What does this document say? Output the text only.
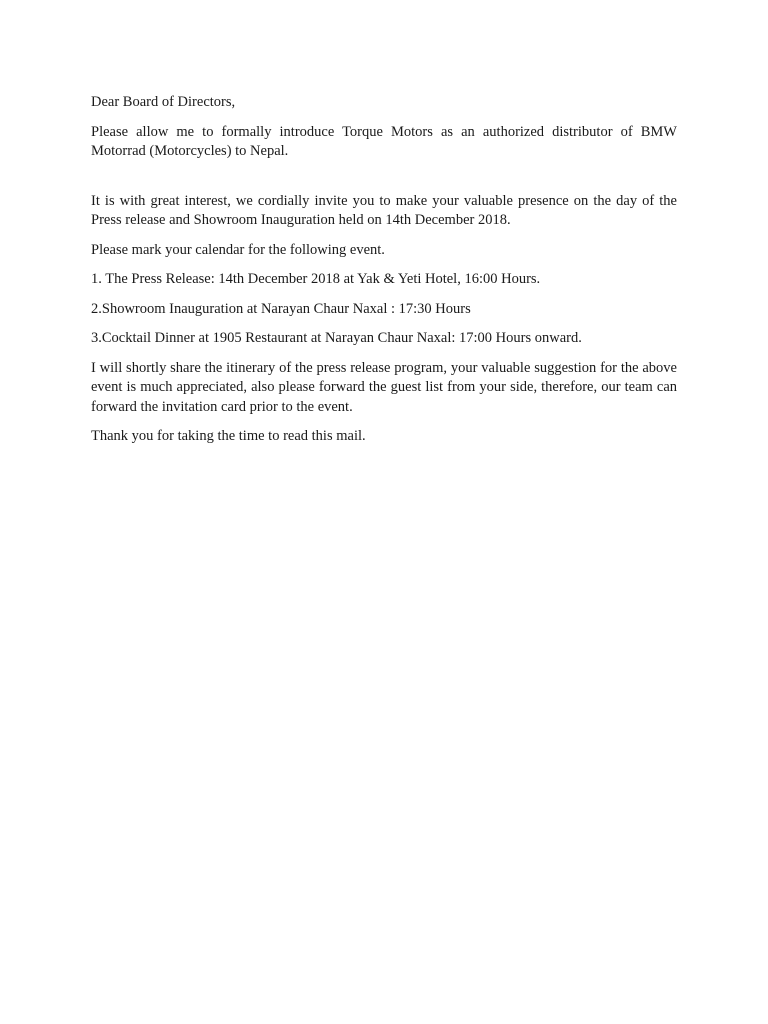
Dear Board of Directors,

Please allow me to formally introduce Torque Motors as an authorized distributor of BMW Motorrad (Motorcycles) to Nepal.

It is with great interest, we cordially invite you to make your valuable presence on the day of the Press release and Showroom Inauguration held on 14th December 2018.

Please mark your calendar for the following event.

1. The Press Release: 14th December 2018 at Yak & Yeti Hotel, 16:00 Hours.

2.Showroom Inauguration at Narayan Chaur Naxal : 17:30 Hours

3.Cocktail Dinner at 1905 Restaurant at Narayan Chaur Naxal: 17:00 Hours onward.

I will shortly share the itinerary of the press release program, your valuable suggestion for the above event is much appreciated, also please forward the guest list from your side, therefore, our team can forward the invitation card prior to the event.

Thank you for taking the time to read this mail.
